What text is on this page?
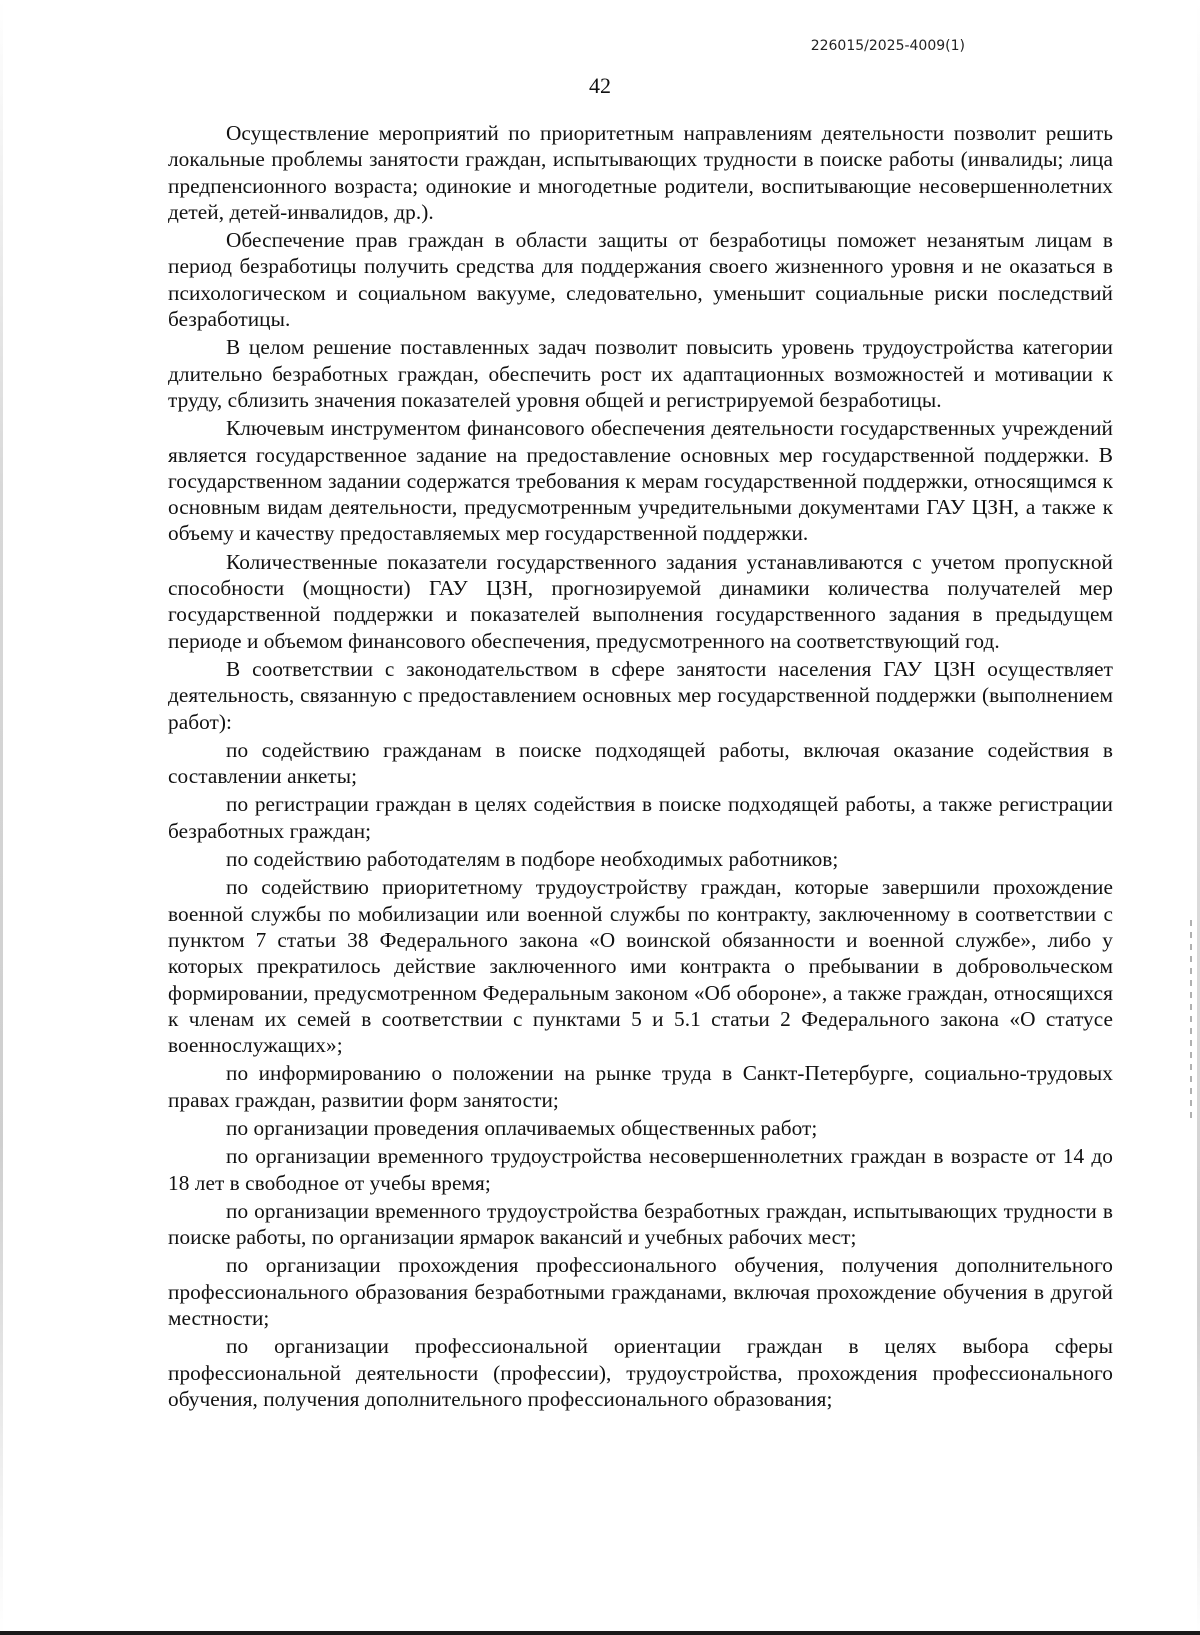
226015/2025-4009(1)
42

Осуществление мероприятий по приоритетным направлениям деятельности позволит решить локальные проблемы занятости граждан, испытывающих трудности в поиске работы (инвалиды; лица предпенсионного возраста; одинокие и многодетные родители, воспитывающие несовершеннолетних детей, детей-инвалидов, др.).

Обеспечение прав граждан в области защиты от безработицы поможет незанятым лицам в период безработицы получить средства для поддержания своего жизненного уровня и не оказаться в психологическом и социальном вакууме, следовательно, уменьшит социальные риски последствий безработицы.

В целом решение поставленных задач позволит повысить уровень трудоустройства категории длительно безработных граждан, обеспечить рост их адаптационных возможностей и мотивации к труду, сблизить значения показателей уровня общей и регистрируемой безработицы.

Ключевым инструментом финансового обеспечения деятельности государственных учреждений является государственное задание на предоставление основных мер государственной поддержки. В государственном задании содержатся требования к мерам государственной поддержки, относящимся к основным видам деятельности, предусмотренным учредительными документами ГАУ ЦЗН, а также к объему и качеству предоставляемых мер государственной поддержки.

Количественные показатели государственного задания устанавливаются с учетом пропускной способности (мощности) ГАУ ЦЗН, прогнозируемой динамики количества получателей мер государственной поддержки и показателей выполнения государственного задания в предыдущем периоде и объемом финансового обеспечения, предусмотренного на соответствующий год.

В соответствии с законодательством в сфере занятости населения ГАУ ЦЗН осуществляет деятельность, связанную с предоставлением основных мер государственной поддержки (выполнением работ):

по содействию гражданам в поиске подходящей работы, включая оказание содействия в составлении анкеты;

по регистрации граждан в целях содействия в поиске подходящей работы, а также регистрации безработных граждан;

по содействию работодателям в подборе необходимых работников;

по содействию приоритетному трудоустройству граждан, которые завершили прохождение военной службы по мобилизации или военной службы по контракту, заключенному в соответствии с пунктом 7 статьи 38 Федерального закона «О воинской обязанности и военной службе», либо у которых прекратилось действие заключенного ими контракта о пребывании в добровольческом формировании, предусмотренном Федеральным законом «Об обороне», а также граждан, относящихся к членам их семей в соответствии с пунктами 5 и 5.1 статьи 2 Федерального закона «О статусе военнослужащих»;

по информированию о положении на рынке труда в Санкт-Петербурге, социально-трудовых правах граждан, развитии форм занятости;

по организации проведения оплачиваемых общественных работ;

по организации временного трудоустройства несовершеннолетних граждан в возрасте от 14 до 18 лет в свободное от учебы время;

по организации временного трудоустройства безработных граждан, испытывающих трудности в поиске работы, по организации ярмарок вакансий и учебных рабочих мест;

по организации прохождения профессионального обучения, получения дополнительного профессионального образования безработными гражданами, включая прохождение обучения в другой местности;

по организации профессиональной ориентации граждан в целях выбора сферы профессиональной деятельности (профессии), трудоустройства, прохождения профессионального обучения, получения дополнительного профессионального образования;
